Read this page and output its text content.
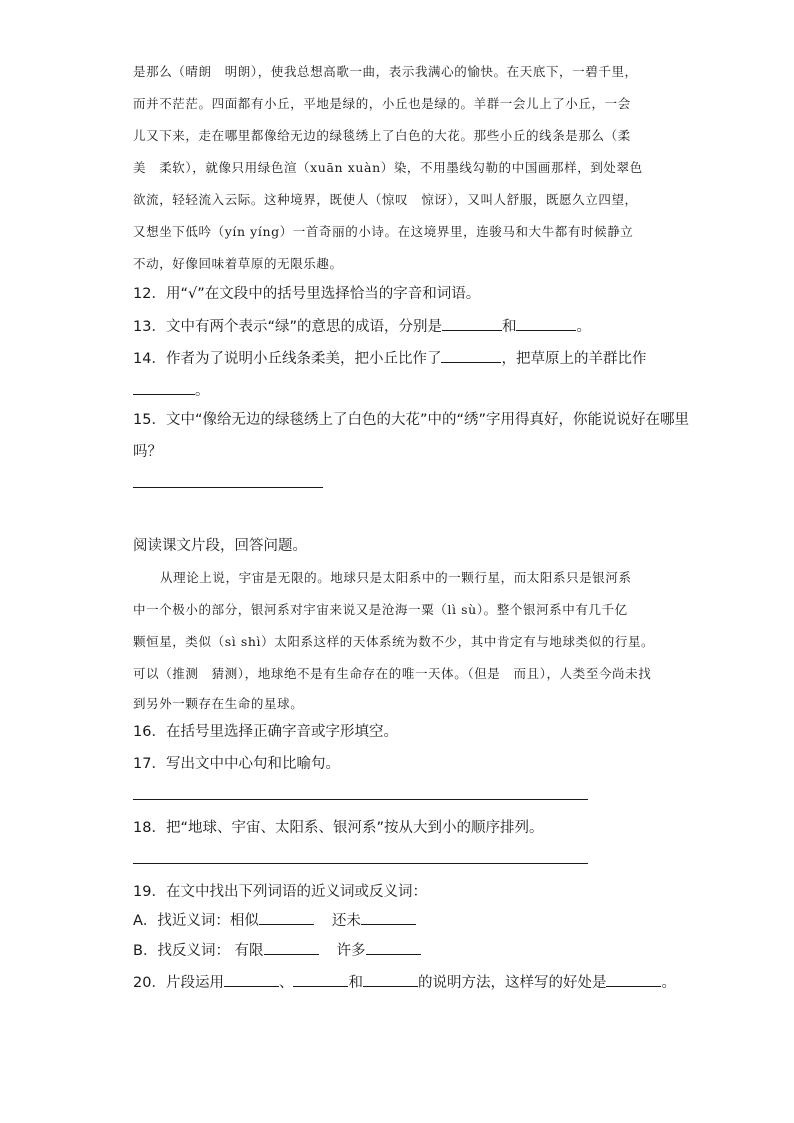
是那么（晴朗　明朗），使我总想高歌一曲，表示我满心的愉快。在天底下，一碧千里，
而并不茫茫。四面都有小丘，平地是绿的，小丘也是绿的。羊群一会儿上了小丘，一会
儿又下来，走在哪里都像给无边的绿毯绣上了白色的大花。那些小丘的线条是那么（柔
美　柔软），就像只用绿色渲（xuān xuàn）染，不用墨线勾勒的中国画那样，到处翠色
欲流，轻轻流入云际。这种境界，既使人（惊叹　惊讶），又叫人舒服，既愿久立四望，
又想坐下低吟（yín yíng）一首奇丽的小诗。在这境界里，连骏马和大牛都有时候静立
不动，好像回味着草原的无限乐趣。
12．用“√”在文段中的括号里选择恰当的字音和词语。
13．文中有两个表示“绿”的意思的成语，分别是	和	。
14．作者为了说明小丘线条柔美，把小丘比作了	，把草原上的羊群比作
。
15．文中“像给无边的绿毯绣上了白色的大花”中的“绣”字用得真好，你能说说好在哪里
吗？
阅读课文片段，回答问题。
从理论上说，宇宙是无限的。地球只是太阳系中的一颗行星，而太阳系只是银河系
中一个极小的部分，银河系对宇宙来说又是沧海一粟（lì sù）。整个银河系中有几千亿
颗恒星，类似（sì shì）太阳系这样的天体系统为数不少，其中肯定有与地球类似的行星。
可以（推测　猜测），地球绝不是有生命存在的唯一天体。（但是　而且），人类至今尚未找
到另外一颗存在生命的星球。
16．在括号里选择正确字音或字形填空。
17．写出文中中心句和比喻句。
18．把“地球、宇宙、太阳系、银河系”按从大到小的顺序排列。
19．在文中找出下列词语的近义词或反义词：
A．找近义词：相似	还未
B．找反义词： 有限	许多
20．片段运用	、	和	的说明方法，这样写的好处是	。
